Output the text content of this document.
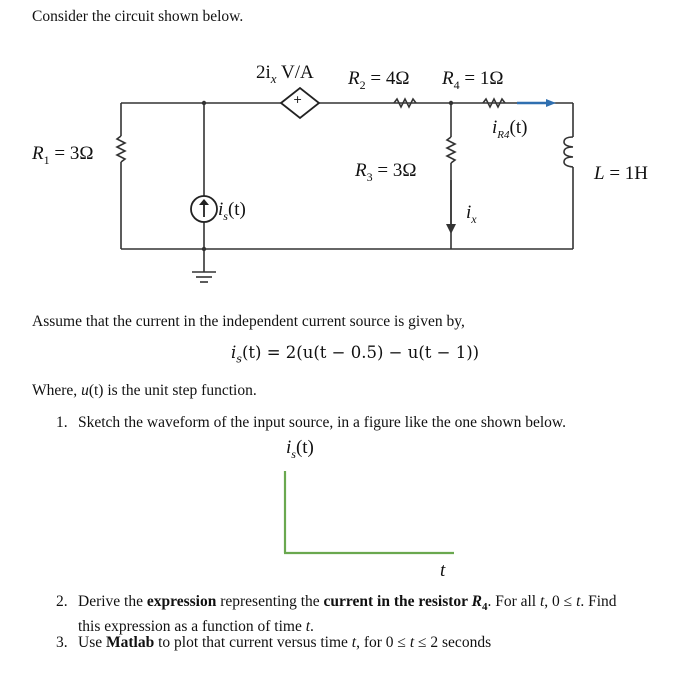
Consider the circuit shown below.
+
$2i_x$ V/A $R_2 = 4\Omega$ $R_4 = 1\Omega$
$i_{R4}(t)$
$R_1 = 3\Omega$
$R_3 = 3\Omega$	L = 1H
$i_s(t)$	$i_x$
Assume that the current in the independent current source is given by,
$i_s(t) = 2(u(t - 0.5) - u(t - 1))$
Where, u(t) is the unit step function.
1. Sketch the waveform of the input source, in a figure like the one shown below.
$i_s(t)$
t
2. Derive the expression representing the current in the resistor $R_4$. For all t, 0 ≤ t. Find
this expression as a function of time t.
3. Use Matlab to plot that current versus time t, for 0 ≤ t ≤ 2 seconds
